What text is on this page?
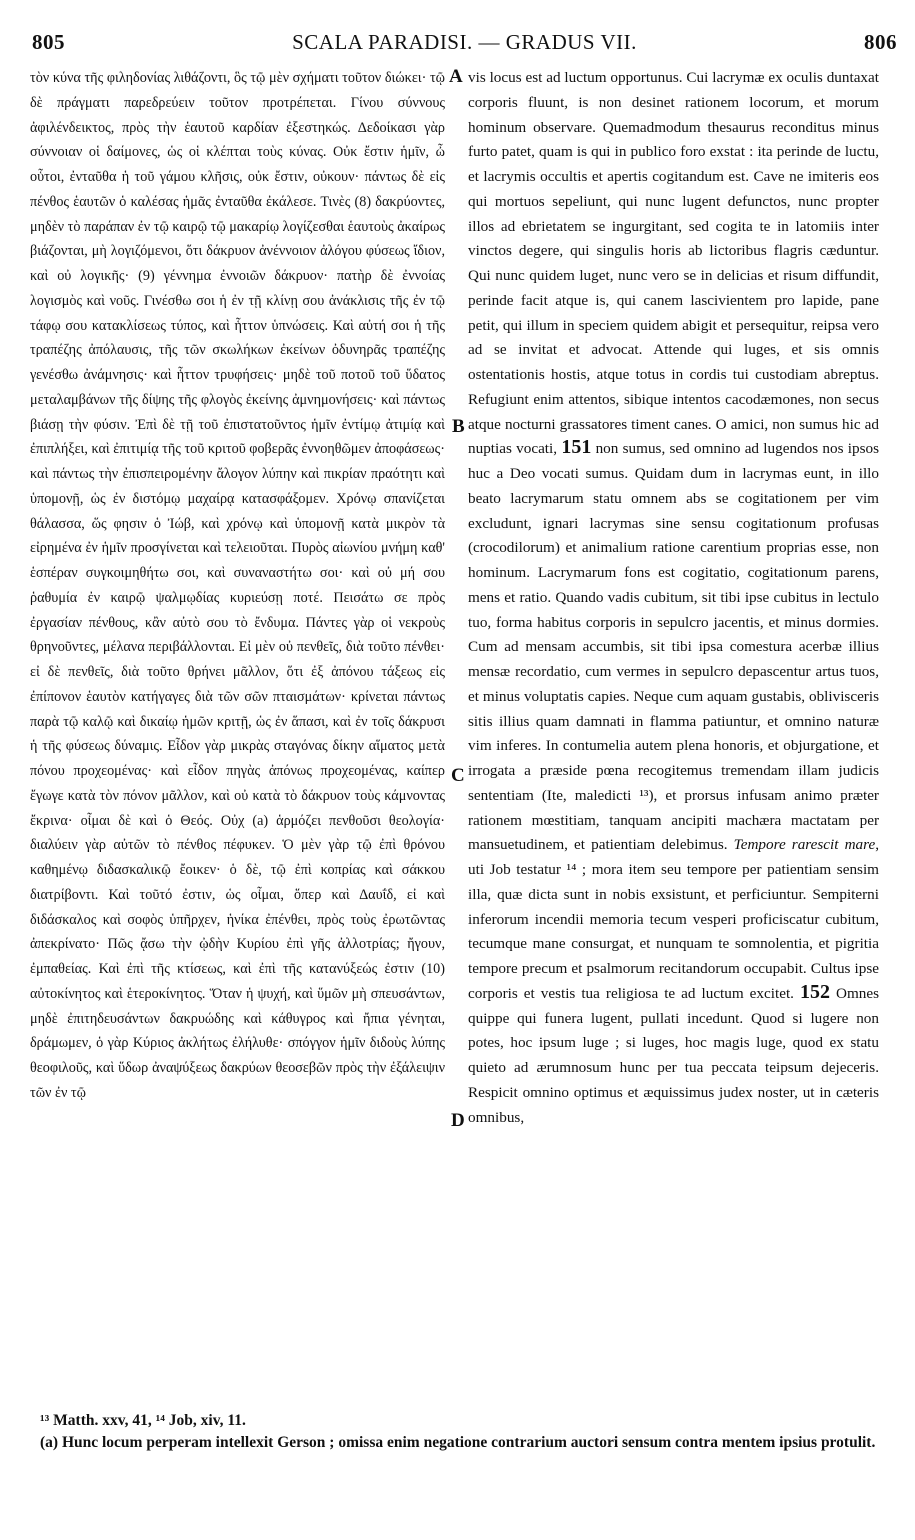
805	SCALA PARADISI. — GRADUS VII.	806

τὸν κύνα τῆς φιληδονίας λιθάζοντι, ὃς τῷ μὲν σχήματι τοῦτον διώκει· τῷ δὲ πράγματι παρεδρεύειν τοῦτον προτρέπεται. Γίνου σύννους ἀφιλένδεικτος, πρὸς τὴν ἑαυτοῦ καρδίαν ἐξεστηκώς. Δεδοίκασι γὰρ σύννοιαν οἱ δαίμονες, ὡς οἱ κλέπται τοὺς κύνας. Οὐκ ἔστιν ἡμῖν, ὦ οὗτοι, ἐνταῦθα ἡ τοῦ γάμου κλῆσις, οὐκ ἔστιν, οὐκουν· πάντως δὲ εἰς πένθος ἑαυτῶν ὁ καλέσας ἡμᾶς ἐνταῦθα ἐκάλεσε. Τινὲς (8) δακρύοντες, μηδὲν τὸ παράπαν ἐν τῷ καιρῷ τῷ μακαρίῳ λογίζεσθαι ἑαυτοὺς ἀκαίρως βιάζονται, μὴ λογιζόμενοι, ὅτι δάκρυον ἀνέννοιον ἀλόγου φύσεως ἴδιον, καὶ οὐ λογικῆς· (9) γέννημα ἐννοιῶν δάκρυον· πατὴρ δὲ ἐννοίας λογισμὸς καὶ νοῦς. Γινέσθω σοι ἡ ἐν τῇ κλίνῃ σου ἀνάκλισις τῆς ἐν τῷ τάφῳ σου κατακλίσεως τύπος, καὶ ἧττον ὑπνώσεις. Καὶ αὐτή σοι ἡ τῆς τραπέζης ἀπόλαυσις, τῆς τῶν σκωλήκων ἐκείνων ὀδυνηρᾶς τραπέζης γενέσθω ἀνάμνησις· καὶ ἧττον τρυφήσεις· μηδὲ τοῦ ποτοῦ τοῦ ὕδατος μεταλαμβάνων τῆς δίψης τῆς φλογὸς ἐκείνης ἀμνημονήσεις· καὶ πάντως βιάσῃ τὴν φύσιν. Ἐπὶ δὲ τῇ τοῦ ἐπιστατοῦντος ἡμῖν ἐντίμῳ ἀτιμίᾳ καὶ ἐπιπλήξει, καὶ ἐπιτιμίᾳ τῆς τοῦ κριτοῦ φοβερᾶς ἐννοηθῶμεν ἀποφάσεως· καὶ πάντως τὴν ἐπισπειρομένην ἄλογον λύπην καὶ πικρίαν πραότητι καὶ ὑπομονῇ, ὡς ἐν διστόμῳ μαχαίρᾳ κατασφάξομεν. Χρόνῳ σπανίζεται θάλασσα, ὥς φησιν ὁ Ἰώβ, καὶ χρόνῳ καὶ ὑπομονῇ κατὰ μικρὸν τὰ εἰρημένα ἐν ἡμῖν προσγίνεται καὶ τελειοῦται. Πυρὸς αἰωνίου μνήμη καθ' ἑσπέραν συγκοιμηθήτω σοι, καὶ συναναστήτω σοι· καὶ οὐ μή σου ῥαθυμία ἐν καιρῷ ψαλμῳδίας κυριεύσῃ ποτέ. Πεισάτω σε πρὸς ἐργασίαν πένθους, κἂν αὐτὸ σου τὸ ἔνδυμα. Πάντες γὰρ οἱ νεκροὺς θρηνοῦντες, μέλανα περιβάλλονται. Εἰ μὲν οὐ πενθεῖς, διὰ τοῦτο πένθει· εἰ δὲ πενθεῖς, διὰ τοῦτο θρήνει μᾶλλον, ὅτι ἐξ ἀπόνου τάξεως εἰς ἐπίπονον ἑαυτὸν κατήγαγες διὰ τῶν σῶν πταισμάτων· κρίνεται πάντως παρὰ τῷ καλῷ καὶ δικαίῳ ἡμῶν κριτῇ, ὡς ἐν ἅπασι, καὶ ἐν τοῖς δάκρυσι ἡ τῆς φύσεως δύναμις. Εἶδον γὰρ μικρὰς σταγόνας δίκην αἵματος μετὰ πόνου προχεομένας· καὶ εἶδον πηγὰς ἀπόνως προχεομένας, καίπερ ἔγωγε κατὰ τὸν πόνον μᾶλλον, καὶ οὐ κατὰ τὸ δάκρυον τοὺς κάμνοντας ἔκρινα· οἶμαι δὲ καὶ ὁ Θεός. Οὐχ (a) ἁρμόζει πενθοῦσι θεολογία· διαλύειν γὰρ αὐτῶν τὸ πένθος πέφυκεν. Ὁ μὲν γὰρ τῷ ἐπὶ θρόνου καθημένῳ διδασκαλικῷ ἔοικεν· ὁ δὲ, τῷ ἐπὶ κοπρίας καὶ σάκκου διατρίβοντι. Καὶ τοῦτό ἐστιν, ὡς οἶμαι, ὅπερ καὶ Δαυΐδ, εἰ καὶ διδάσκαλος καὶ σοφὸς ὑπῆρχεν, ἡνίκα ἐπένθει, πρὸς τοὺς ἐρωτῶντας ἀπεκρίνατο· Πῶς ᾄσω τὴν ᾠδὴν Κυρίου ἐπὶ γῆς ἀλλοτρίας; ἤγουν, ἐμπαθείας. Καὶ ἐπὶ τῆς κτίσεως, καὶ ἐπὶ τῆς κατανύξεώς ἐστιν (10) αὐτοκίνητος καὶ ἑτεροκίνητος. Ὅταν ἡ ψυχή, καὶ ὕμῶν μὴ σπευσάντων, μηδὲ ἐπιτηδευσάντων δακρυώδης καὶ κάθυγρος καὶ ἤπια γένηται, δράμωμεν, ὁ γὰρ Κύριος ἀκλήτως ἐλήλυθε· σπόγγον ἡμῖν διδοὺς λύπης θεοφιλοῦς, καὶ ὕδωρ ἀναψύξεως δακρύων θεοσεβῶν πρὸς τὴν ἐξάλειψιν τῶν ἐν τῷ

vis locus est ad luctum opportunus. Cui lacrymæ ex oculis duntaxat corporis fluunt, is non desinet rationem locorum, et morum hominum observare. Quemadmodum thesaurus reconditus minus furto patet, quam is qui in publico foro exstat : ita perinde de luctu, et lacrymis occultis et apertis cogitandum est. Cave ne imiteris eos qui mortuos sepeliunt, qui nunc lugent defunctos, nunc propter illos ad ebrietatem se ingurgitant, sed cogita te in latomiis inter vinctos degere, qui singulis horis ab lictoribus flagris cæduntur. Qui nunc quidem luget, nunc vero se in delicias et risum diffundit, perinde facit atque is, qui canem lascivientem pro lapide, pane petit, qui illum in speciem quidem abigit et persequitur, reipsa vero ad se invitat et advocat. Attende qui luges, et sis omnis ostentationis hostis, atque totus in cordis tui custodiam abreptus. Refugiunt enim attentos, sibique intentos cacodæmones, non secus atque nocturni grassatores timent canes. O amici, non sumus hic ad nuptias vocati, 151 non sumus, sed omnino ad lugendos nos ipsos huc a Deo vocati sumus. Quidam dum in lacrymas eunt, in illo beato lacrymarum statu omnem abs se cogitationem per vim excludunt, ignari lacrymas sine sensu cogitationum profusas (crocodilorum) et animalium ratione carentium proprias esse, non hominum. Lacrymarum fons est cogitatio, cogitationum parens, mens et ratio. Quando vadis cubitum, sit tibi ipse cubitus in lectulo tuo, forma habitus corporis in sepulcro jacentis, et minus dormies. Cum ad mensam accumbis, sit tibi ipsa comestura acerbæ illius mensæ recordatio, cum vermes in sepulcro depascentur artus tuos, et minus voluptatis capies. Neque cum aquam gustabis, oblivisceris sitis illius quam damnati in flamma patiuntur, et omnino naturæ vim inferes. In contumelia autem plena honoris, et objurgatione, et irrogata a præside pœna recogitemus tremendam illam judicis sententiam (Ite, maledicti ¹³), et prorsus infusam animo præter rationem mœstitiam, tanquam ancipiti machæra mactatam per mansuetudinem, et patientiam delebimus. Tempore rarescit mare, uti Job testatur ¹⁴ ; mora item seu tempore per patientiam sensim illa, quæ dicta sunt in nobis exsistunt, et perficiuntur. Sempiterni inferorum incendii memoria tecum vesperi proficiscatur cubitum, tecumque mane consurgat, et nunquam te somnolentia, et pigritia tempore precum et psalmorum recitandorum occupabit. Cultus ipse corporis et vestis tua religiosa te ad luctum excitet. 152 Omnes quippe qui funera lugent, pullati incedunt. Quod si lugere non potes, hoc ipsum luge ; si luges, hoc magis luge, quod ex statu quieto ad ærumnosum hunc per tua peccata teipsum dejeceris. Respicit omnino optimus et æquissimus judex noster, ut in cæteris omnibus,

A
B
C
D
¹³ Matth. xxv, 41, ¹⁴ Job, xiv, 11.
(a) Hunc locum perperam intellexit Gerson ; omissa enim negatione contrarium auctori sensum contra mentem ipsius protulit.
